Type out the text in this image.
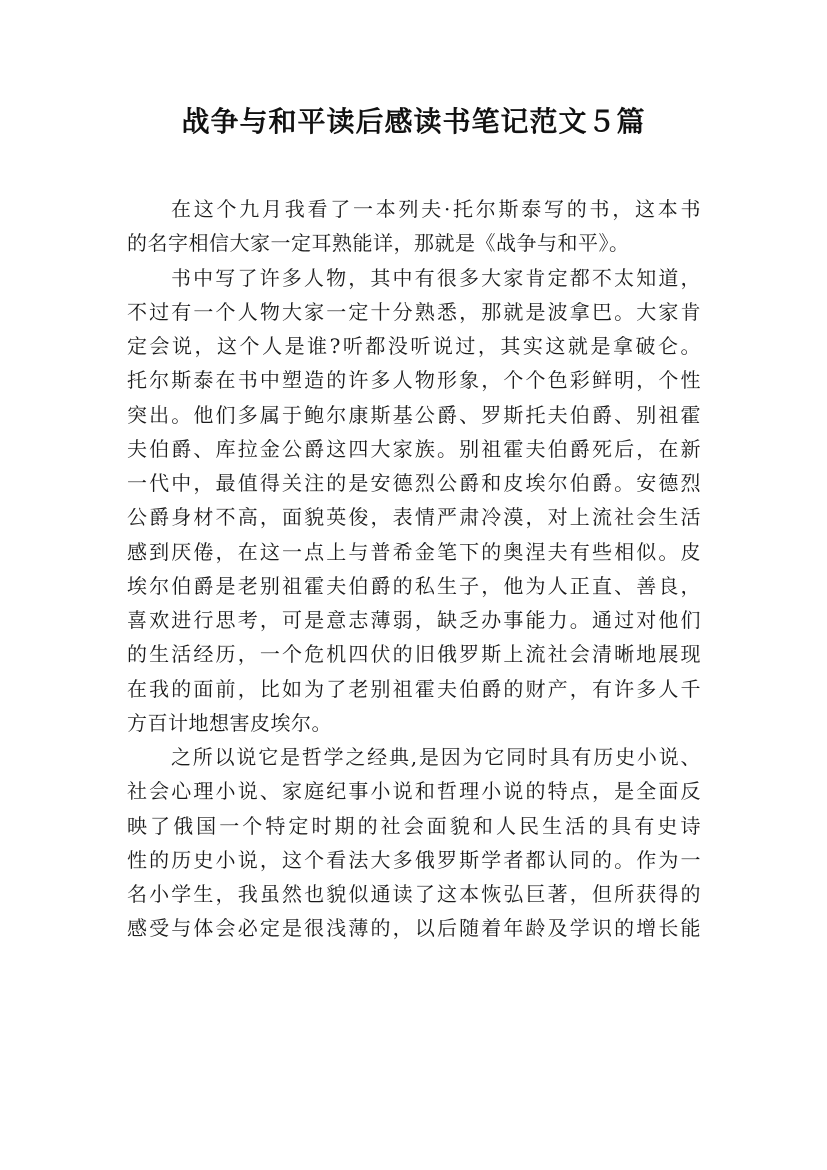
战争与和平读后感读书笔记范文５篇
在这个九月我看了一本列夫·托尔斯泰写的书，这本书
的名字相信大家一定耳熟能详，那就是《战争与和平》。
书中写了许多人物，其中有很多大家肯定都不太知道，
不过有一个人物大家一定十分熟悉，那就是波拿巴。大家肯
定会说，这个人是谁?听都没听说过，其实这就是拿破仑。
托尔斯泰在书中塑造的许多人物形象，个个色彩鲜明，个性
突出。他们多属于鲍尔康斯基公爵、罗斯托夫伯爵、别祖霍
夫伯爵、库拉金公爵这四大家族。别祖霍夫伯爵死后，在新
一代中，最值得关注的是安德烈公爵和皮埃尔伯爵。安德烈
公爵身材不高，面貌英俊，表情严肃冷漠，对上流社会生活
感到厌倦，在这一点上与普希金笔下的奥涅夫有些相似。皮
埃尔伯爵是老别祖霍夫伯爵的私生子，他为人正直、善良，
喜欢进行思考，可是意志薄弱，缺乏办事能力。通过对他们
的生活经历，一个危机四伏的旧俄罗斯上流社会清晰地展现
在我的面前，比如为了老别祖霍夫伯爵的财产，有许多人千
方百计地想害皮埃尔。
之所以说它是哲学之经典,是因为它同时具有历史小说、
社会心理小说、家庭纪事小说和哲理小说的特点，是全面反
映了俄国一个特定时期的社会面貌和人民生活的具有史诗
性的历史小说，这个看法大多俄罗斯学者都认同的。作为一
名小学生，我虽然也貌似通读了这本恢弘巨著，但所获得的
感受与体会必定是很浅薄的，以后随着年龄及学识的增长能
